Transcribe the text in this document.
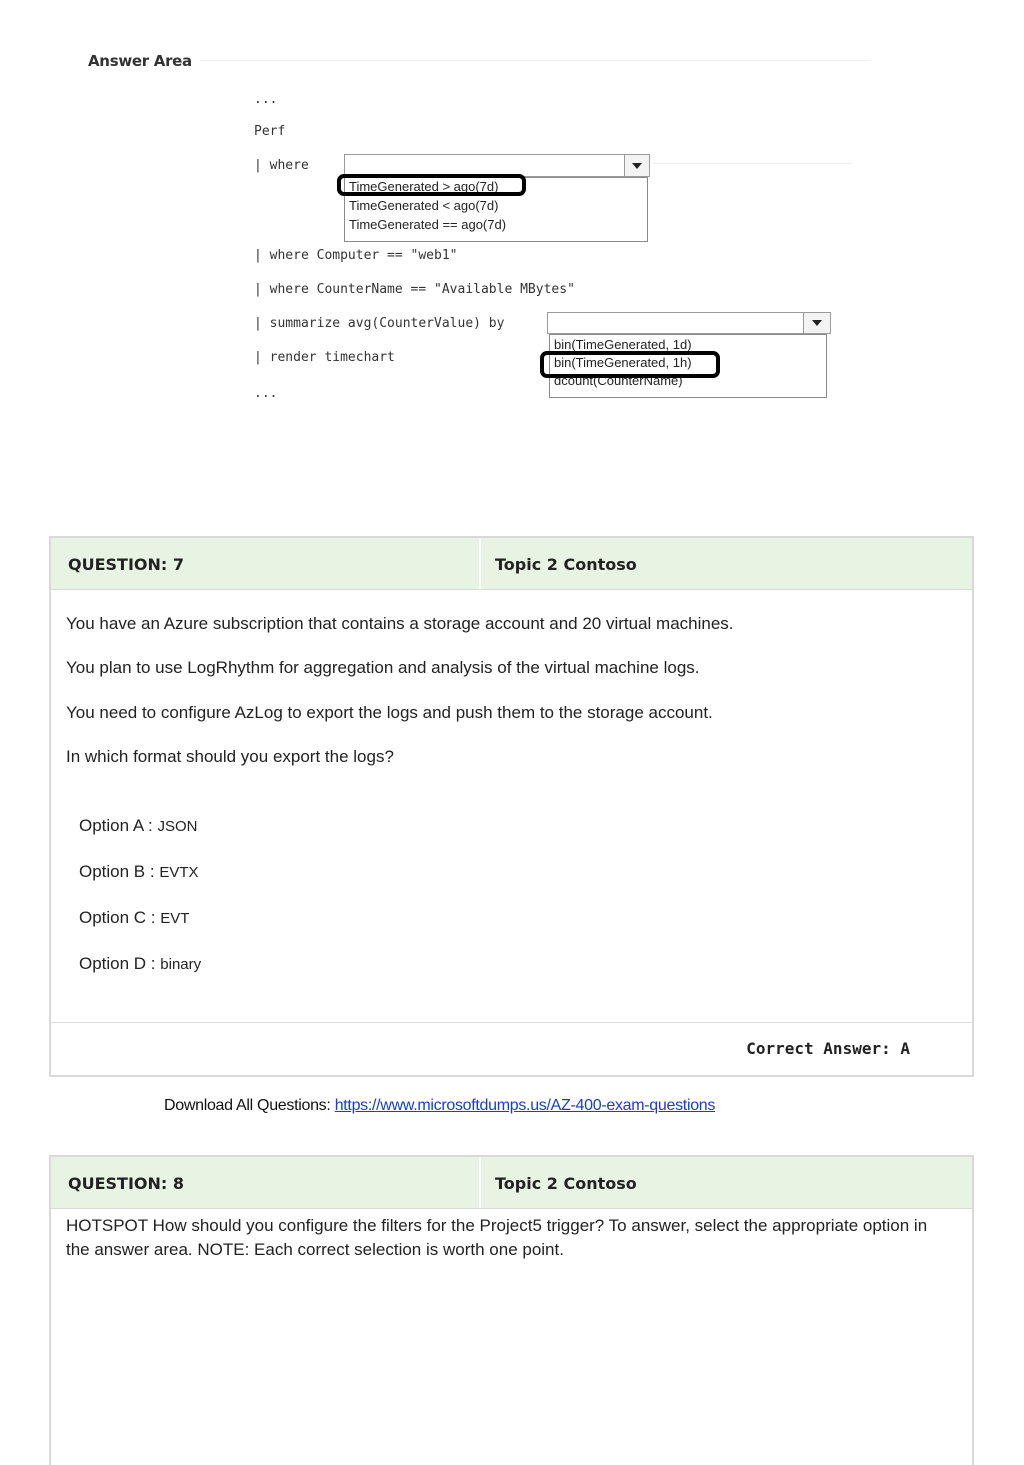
Answer Area
...
Perf
| where
TimeGenerated > ago(7d)
TimeGenerated < ago(7d)
TimeGenerated == ago(7d)
| where Computer == "web1"
| where CounterName == "Available MBytes"
| summarize avg(CounterValue) by
| render timechart
...
bin(TimeGenerated, 1d)
bin(TimeGenerated, 1h)
dcount(CounterName)
QUESTION: 7	Topic 2 Contoso
You have an Azure subscription that contains a storage account and 20 virtual machines.
You plan to use LogRhythm for aggregation and analysis of the virtual machine logs.
You need to configure AzLog to export the logs and push them to the storage account.
In which format should you export the logs?
Option A : JSON
Option B : EVTX
Option C : EVT
Option D : binary
Correct Answer: A
Download All Questions: https://www.microsoftdumps.us/AZ-400-exam-questions
QUESTION: 8	Topic 2 Contoso
HOTSPOT How should you configure the filters for the Project5 trigger? To answer, select the appropriate option in the answer area. NOTE: Each correct selection is worth one point.
